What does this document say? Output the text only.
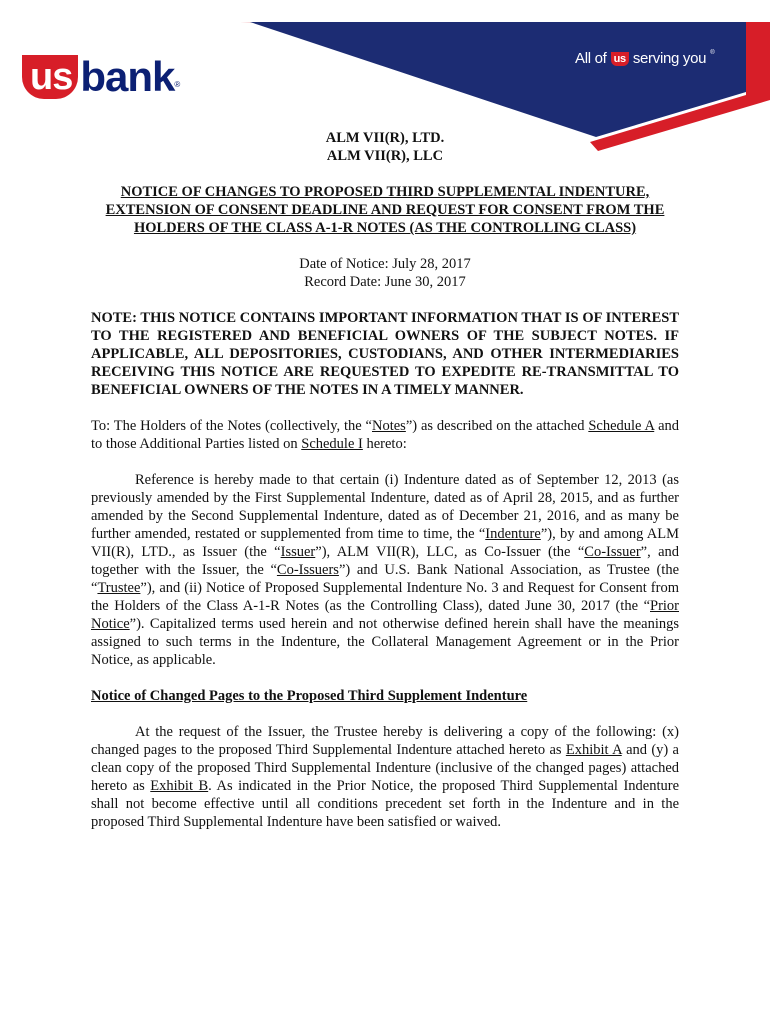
us bank ®
All of us serving you ®
ALM VII(R), LTD.
ALM VII(R), LLC
NOTICE OF CHANGES TO PROPOSED THIRD SUPPLEMENTAL INDENTURE,
EXTENSION OF CONSENT DEADLINE AND REQUEST FOR CONSENT FROM THE
HOLDERS OF THE CLASS A-1-R NOTES (AS THE CONTROLLING CLASS)
Date of Notice: July 28, 2017
Record Date: June 30, 2017

NOTE: THIS NOTICE CONTAINS IMPORTANT INFORMATION THAT IS OF INTEREST TO THE REGISTERED AND BENEFICIAL OWNERS OF THE SUBJECT NOTES. IF APPLICABLE, ALL DEPOSITORIES, CUSTODIANS, AND OTHER INTERMEDIARIES RECEIVING THIS NOTICE ARE REQUESTED TO EXPEDITE RE-TRANSMITTAL TO BENEFICIAL OWNERS OF THE NOTES IN A TIMELY MANNER.

To: The Holders of the Notes (collectively, the “Notes”) as described on the attached Schedule A and to those Additional Parties listed on Schedule I hereto:

Reference is hereby made to that certain (i) Indenture dated as of September 12, 2013 (as previously amended by the First Supplemental Indenture, dated as of April 28, 2015, and as further amended by the Second Supplemental Indenture, dated as of December 21, 2016, and as many be further amended, restated or supplemented from time to time, the “Indenture”), by and among ALM VII(R), LTD., as Issuer (the “Issuer”), ALM VII(R), LLC, as Co-Issuer (the “Co-Issuer”, and together with the Issuer, the “Co-Issuers”) and U.S. Bank National Association, as Trustee (the “Trustee”), and (ii) Notice of Proposed Supplemental Indenture No. 3 and Request for Consent from the Holders of the Class A-1-R Notes (as the Controlling Class), dated June 30, 2017 (the “Prior Notice”). Capitalized terms used herein and not otherwise defined herein shall have the meanings assigned to such terms in the Indenture, the Collateral Management Agreement or in the Prior Notice, as applicable.

Notice of Changed Pages to the Proposed Third Supplement Indenture

At the request of the Issuer, the Trustee hereby is delivering a copy of the following: (x) changed pages to the proposed Third Supplemental Indenture attached hereto as Exhibit A and (y) a clean copy of the proposed Third Supplemental Indenture (inclusive of the changed pages) attached hereto as Exhibit B. As indicated in the Prior Notice, the proposed Third Supplemental Indenture shall not become effective until all conditions precedent set forth in the Indenture and in the proposed Third Supplemental Indenture have been satisfied or waived.
